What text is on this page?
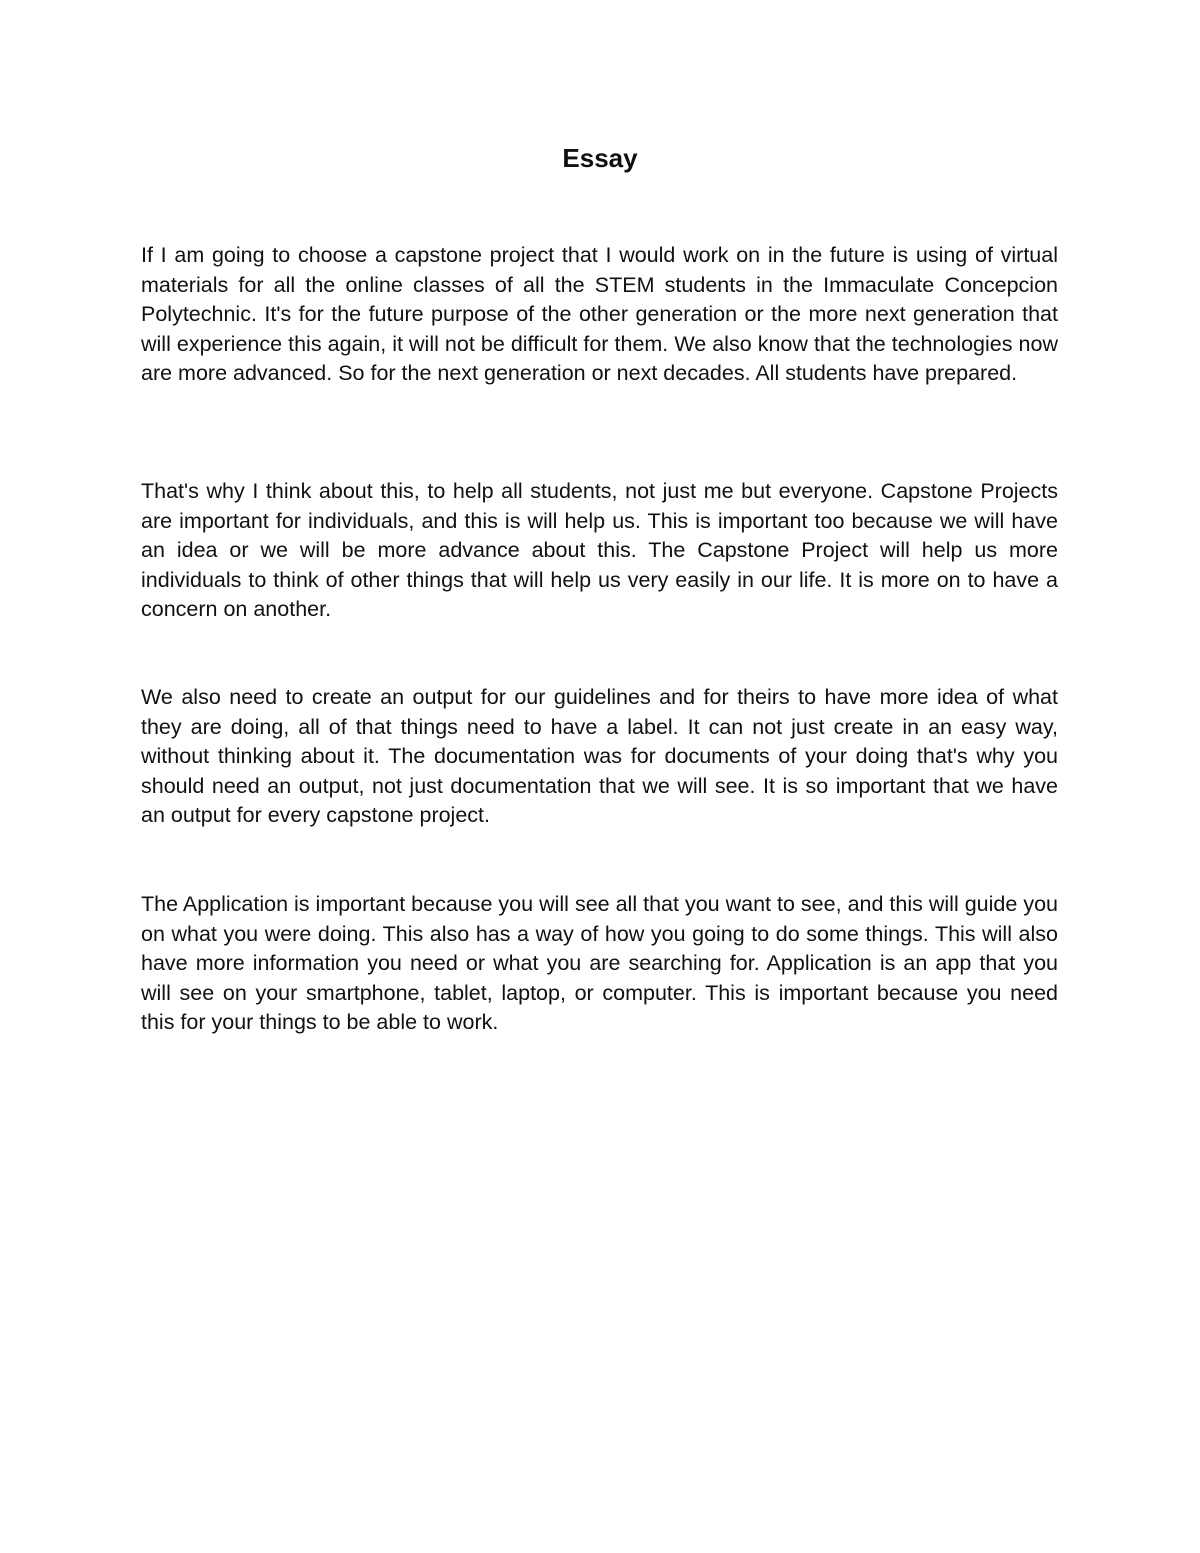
Essay

If I am going to choose a capstone project that I would work on in the future is using of virtual materials for all the online classes of all the STEM students in the Immaculate Concepcion Polytechnic. It's for the future purpose of the other generation or the more next generation that will experience this again, it will not be difficult for them. We also know that the technologies now are more advanced. So for the next generation or next decades. All students have prepared.

That's why I think about this, to help all students, not just me but everyone. Capstone Projects are important for individuals, and this is will help us. This is important too because we will have an idea or we will be more advance about this. The Capstone Project will help us more individuals to think of other things that will help us very easily in our life. It is more on to have a concern on another.

We also need to create an output for our guidelines and for theirs to have more idea of what they are doing, all of that things need to have a label. It can not just create in an easy way, without thinking about it. The documentation was for documents of your doing that's why you should need an output, not just documentation that we will see. It is so important that we have an output for every capstone project.

The Application is important because you will see all that you want to see, and this will guide you on what you were doing. This also has a way of how you going to do some things. This will also have more information you need or what you are searching for. Application is an app that you will see on your smartphone, tablet, laptop, or computer. This is important because you need this for your things to be able to work.
